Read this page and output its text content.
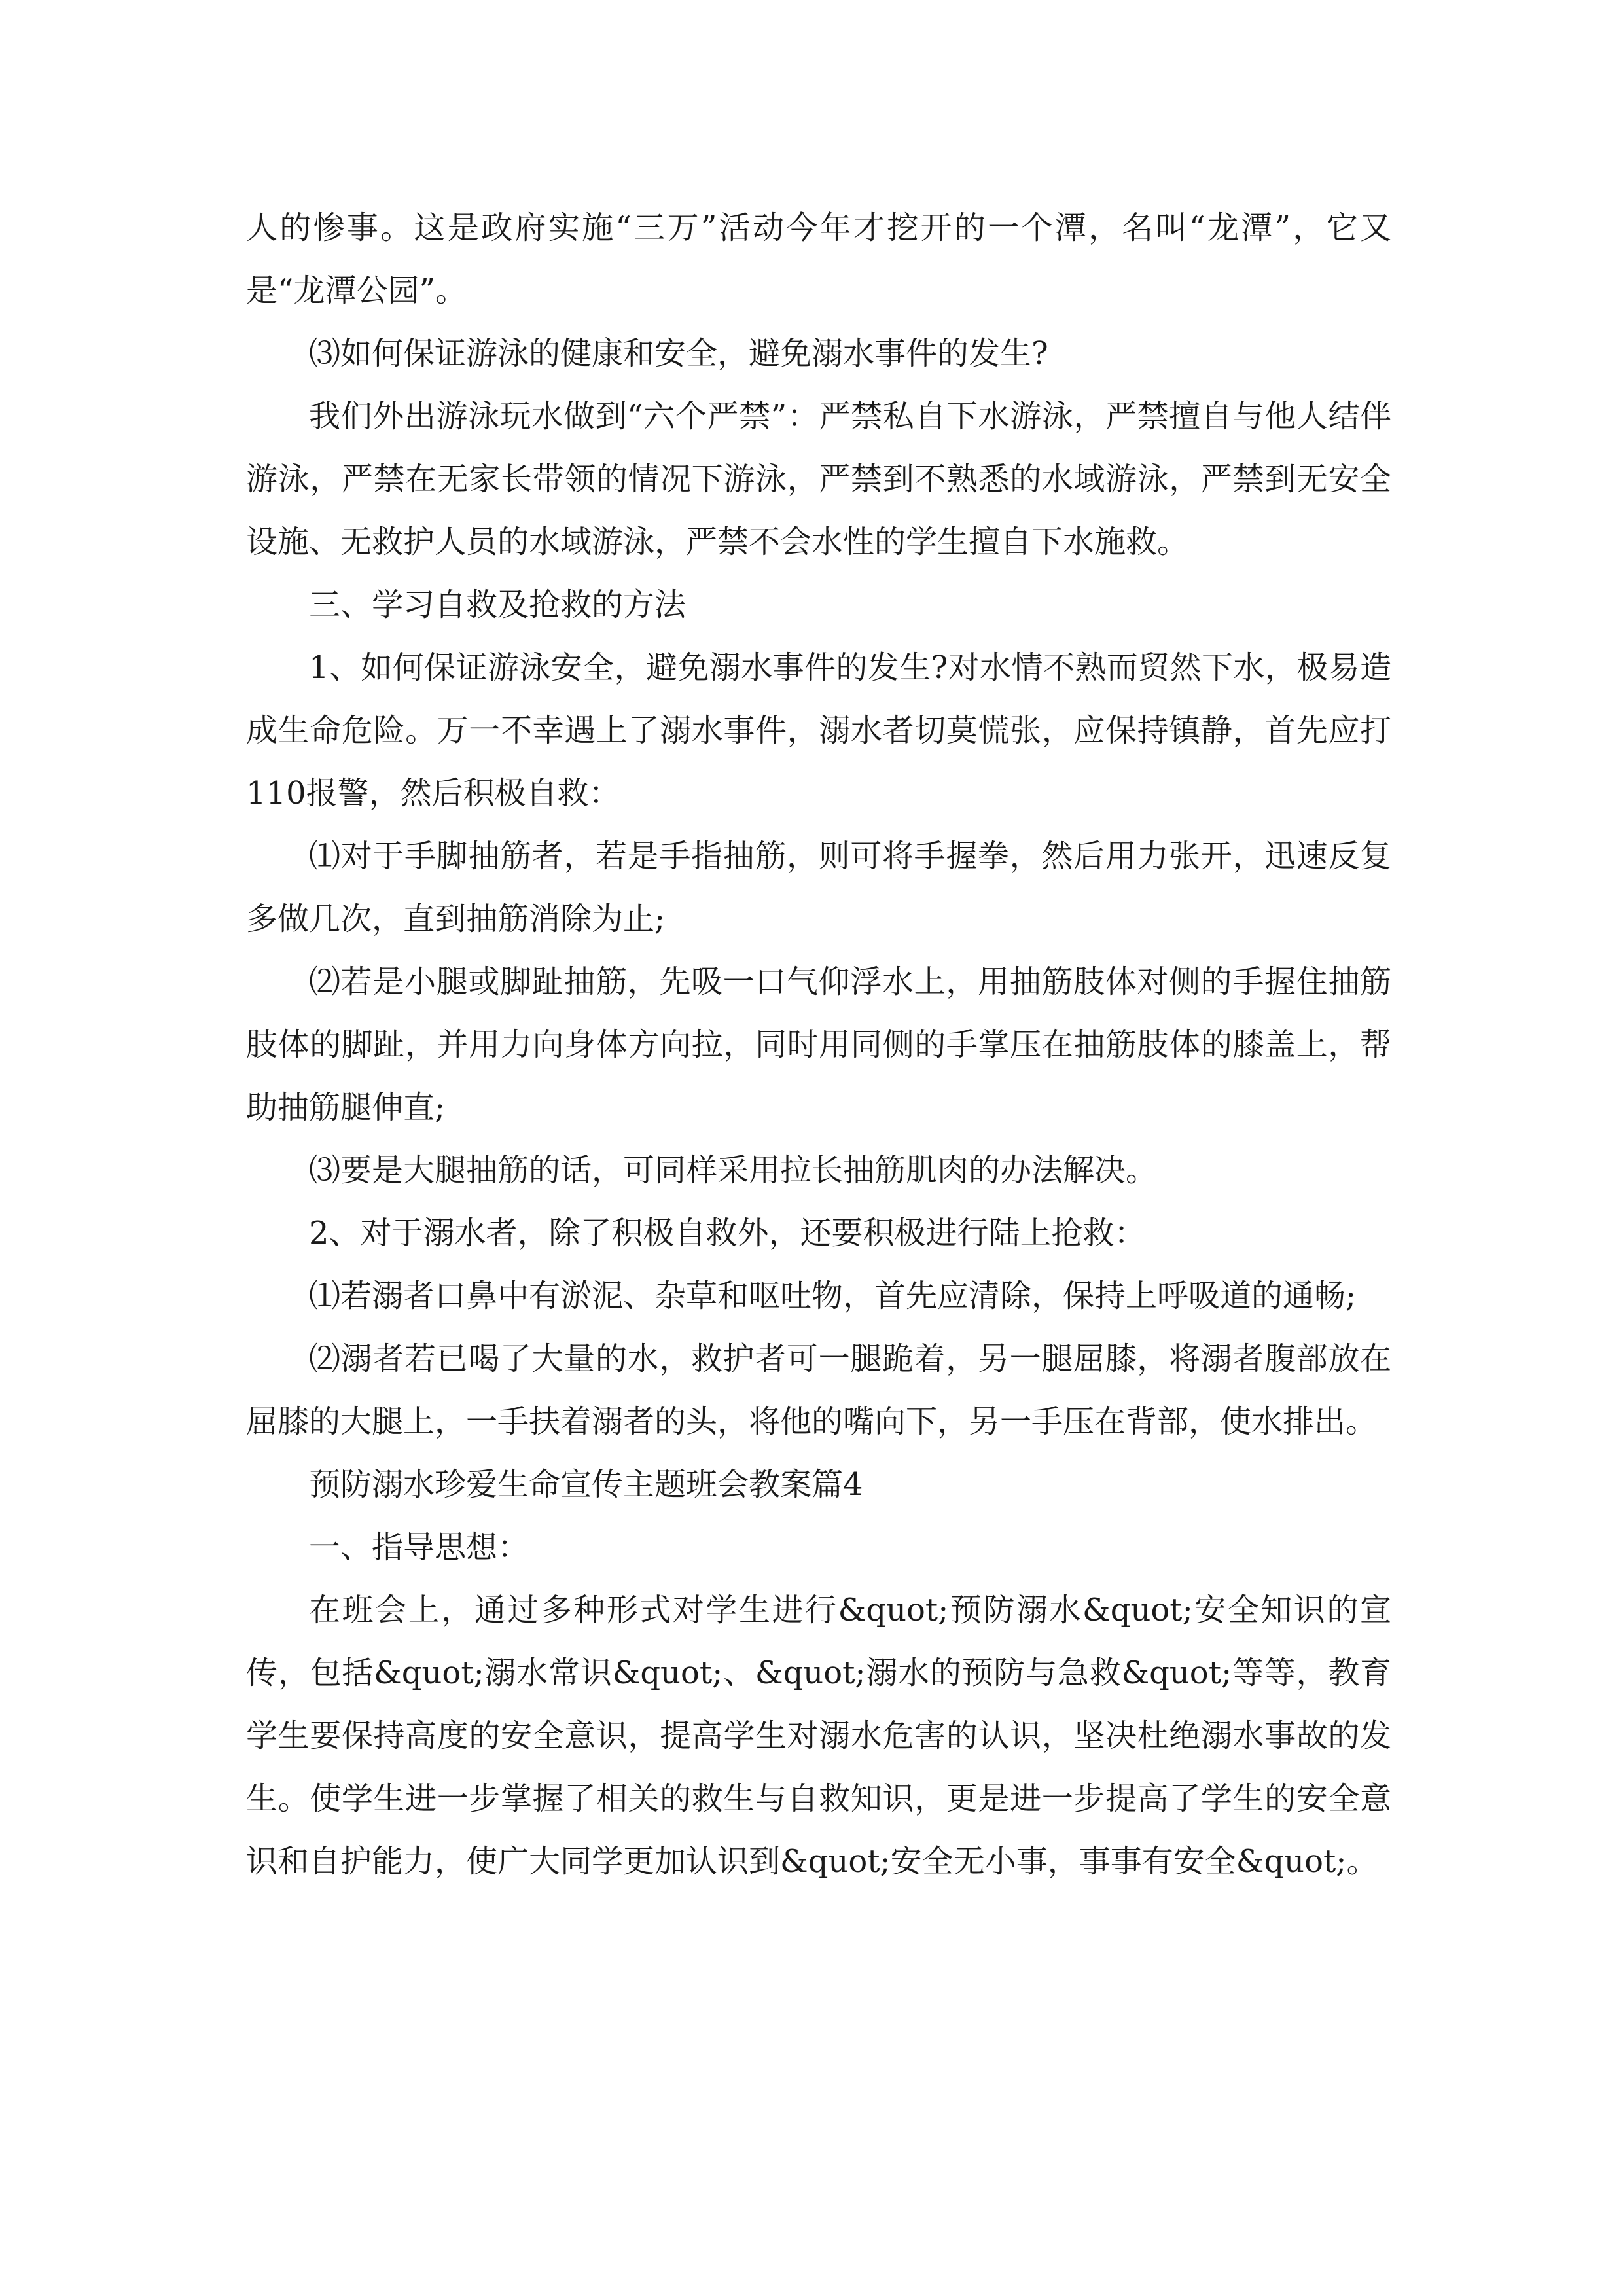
人的惨事。这是政府实施“三万”活动今年才挖开的一个潭，名叫“龙潭”，它又是“龙潭公园”。

⑶如何保证游泳的健康和安全，避免溺水事件的发生?

我们外出游泳玩水做到“六个严禁”：严禁私自下水游泳，严禁擅自与他人结伴游泳，严禁在无家长带领的情况下游泳，严禁到不熟悉的水域游泳，严禁到无安全设施、无救护人员的水域游泳，严禁不会水性的学生擅自下水施救。

三、学习自救及抢救的方法

1、如何保证游泳安全，避免溺水事件的发生?对水情不熟而贸然下水，极易造成生命危险。万一不幸遇上了溺水事件，溺水者切莫慌张，应保持镇静，首先应打110报警，然后积极自救：

⑴对于手脚抽筋者，若是手指抽筋，则可将手握拳，然后用力张开，迅速反复多做几次，直到抽筋消除为止;

⑵若是小腿或脚趾抽筋，先吸一口气仰浮水上，用抽筋肢体对侧的手握住抽筋肢体的脚趾，并用力向身体方向拉，同时用同侧的手掌压在抽筋肢体的膝盖上，帮助抽筋腿伸直;

⑶要是大腿抽筋的话，可同样采用拉长抽筋肌肉的办法解决。

2、对于溺水者，除了积极自救外，还要积极进行陆上抢救：

⑴若溺者口鼻中有淤泥、杂草和呕吐物，首先应清除，保持上呼吸道的通畅;

⑵溺者若已喝了大量的水，救护者可一腿跪着，另一腿屈膝，将溺者腹部放在屈膝的大腿上，一手扶着溺者的头，将他的嘴向下，另一手压在背部，使水排出。

预防溺水珍爱生命宣传主题班会教案篇4

一、指导思想：

在班会上，通过多种形式对学生进行&quot;预防溺水&quot;安全知识的宣传，包括&quot;溺水常识&quot;、&quot;溺水的预防与急救&quot;等等，教育学生要保持高度的安全意识，提高学生对溺水危害的认识，坚决杜绝溺水事故的发生。使学生进一步掌握了相关的救生与自救知识，更是进一步提高了学生的安全意识和自护能力，使广大同学更加认识到&quot;安全无小事，事事有安全&quot;。
